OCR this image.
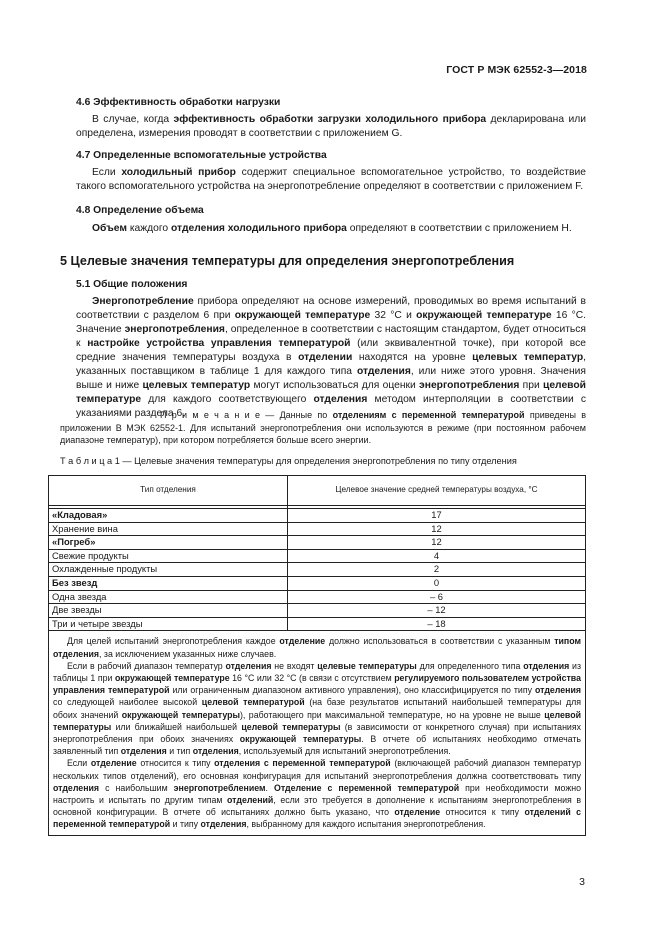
ГОСТ Р МЭК 62552-3—2018
4.6 Эффективность обработки нагрузки

В случае, когда эффективность обработки загрузки холодильного прибора декларирована или определена, измерения проводят в соответствии с приложением G.

4.7 Определенные вспомогательные устройства

Если холодильный прибор содержит специальное вспомогательное устройство, то воздействие такого вспомогательного устройства на энергопотребление определяют в соответствии с приложением F.

4.8 Определение объема

Объем каждого отделения холодильного прибора определяют в соответствии с приложением H.

5 Целевые значения температуры для определения энергопотребления
5.1 Общие положения

Энергопотребление прибора определяют на основе измерений, проводимых во время испытаний в соответствии с разделом 6 при окружающей температуре 32 °С и окружающей температуре 16 °С. Значение энергопотребления, определенное в соответствии с настоящим стандартом, будет относиться к настройке устройства управления температурой (или эквивалентной точке), при которой все средние значения температуры воздуха в отделении находятся на уровне целевых температур, указанных поставщиком в таблице 1 для каждого типа отделения, или ниже этого уровня. Значения выше и ниже целевых температур могут использоваться для оценки энергопотребления при целевой температуре для каждого соответствующего отделения методом интерполяции в соответствии с указаниями раздела 6.

П р и м е ч а н и е — Данные по отделениям с переменной температурой приведены в приложении В МЭК 62552-1. Для испытаний энергопотребления они используются в режиме (при постоянном рабочем диапазоне температур), при котором потребляется больше всего энергии.

Т а б л и ц а 1 — Целевые значения температуры для определения энергопотребления по типу отделения
Тип отделения	Целевое значение средней температуры воздуха, °С

«Кладовая»	17
Хранение вина	12
«Погреб»	12
Свежие продукты	4
Охлажденные продукты	2
Без звезд	0
Одна звезда	– 6
Две звезды	– 12
Три и четыре звезды	– 18

Для целей испытаний энергопотребления каждое отделение должно использоваться в соответствии с указанным типом отделения, за исключением указанных ниже случаев.

Если в рабочий диапазон температур отделения не входят целевые температуры для определенного типа отделения из таблицы 1 при окружающей температуре 16 °С или 32 °С (в связи с отсутствием регулируемого пользователем устройства управления температурой или ограниченным диапазоном активного управления), оно классифицируется по типу отделения со следующей наиболее высокой целевой температурой (на базе результатов испытаний наибольшей температуры для обоих значений окружающей температуры), работающего при максимальной температуре, но на уровне не выше целевой температуры или ближайшей наибольшей целевой температуры (в зависимости от конкретного случая) при испытаниях энергопотребления при обоих значениях окружающей температуры. В отчете об испытаниях необходимо отмечать заявленный тип отделения и тип отделения, используемый для испытаний энергопотребления.

Если отделение относится к типу отделения с переменной температурой (включающей рабочий диапазон температур нескольких типов отделений), его основная конфигурация для испытаний энергопотребления должна соответствовать типу отделения с наибольшим энергопотреблением. Отделение с переменной температурой при необходимости можно настроить и испытать по другим типам отделений, если это требуется в дополнение к испытаниям энергопотребления в основной конфигурации. В отчете об испытаниях должно быть указано, что отделение относится к типу отделений с переменной температурой и типу отделения, выбранному для каждого испытания энергопотребления.	

3
